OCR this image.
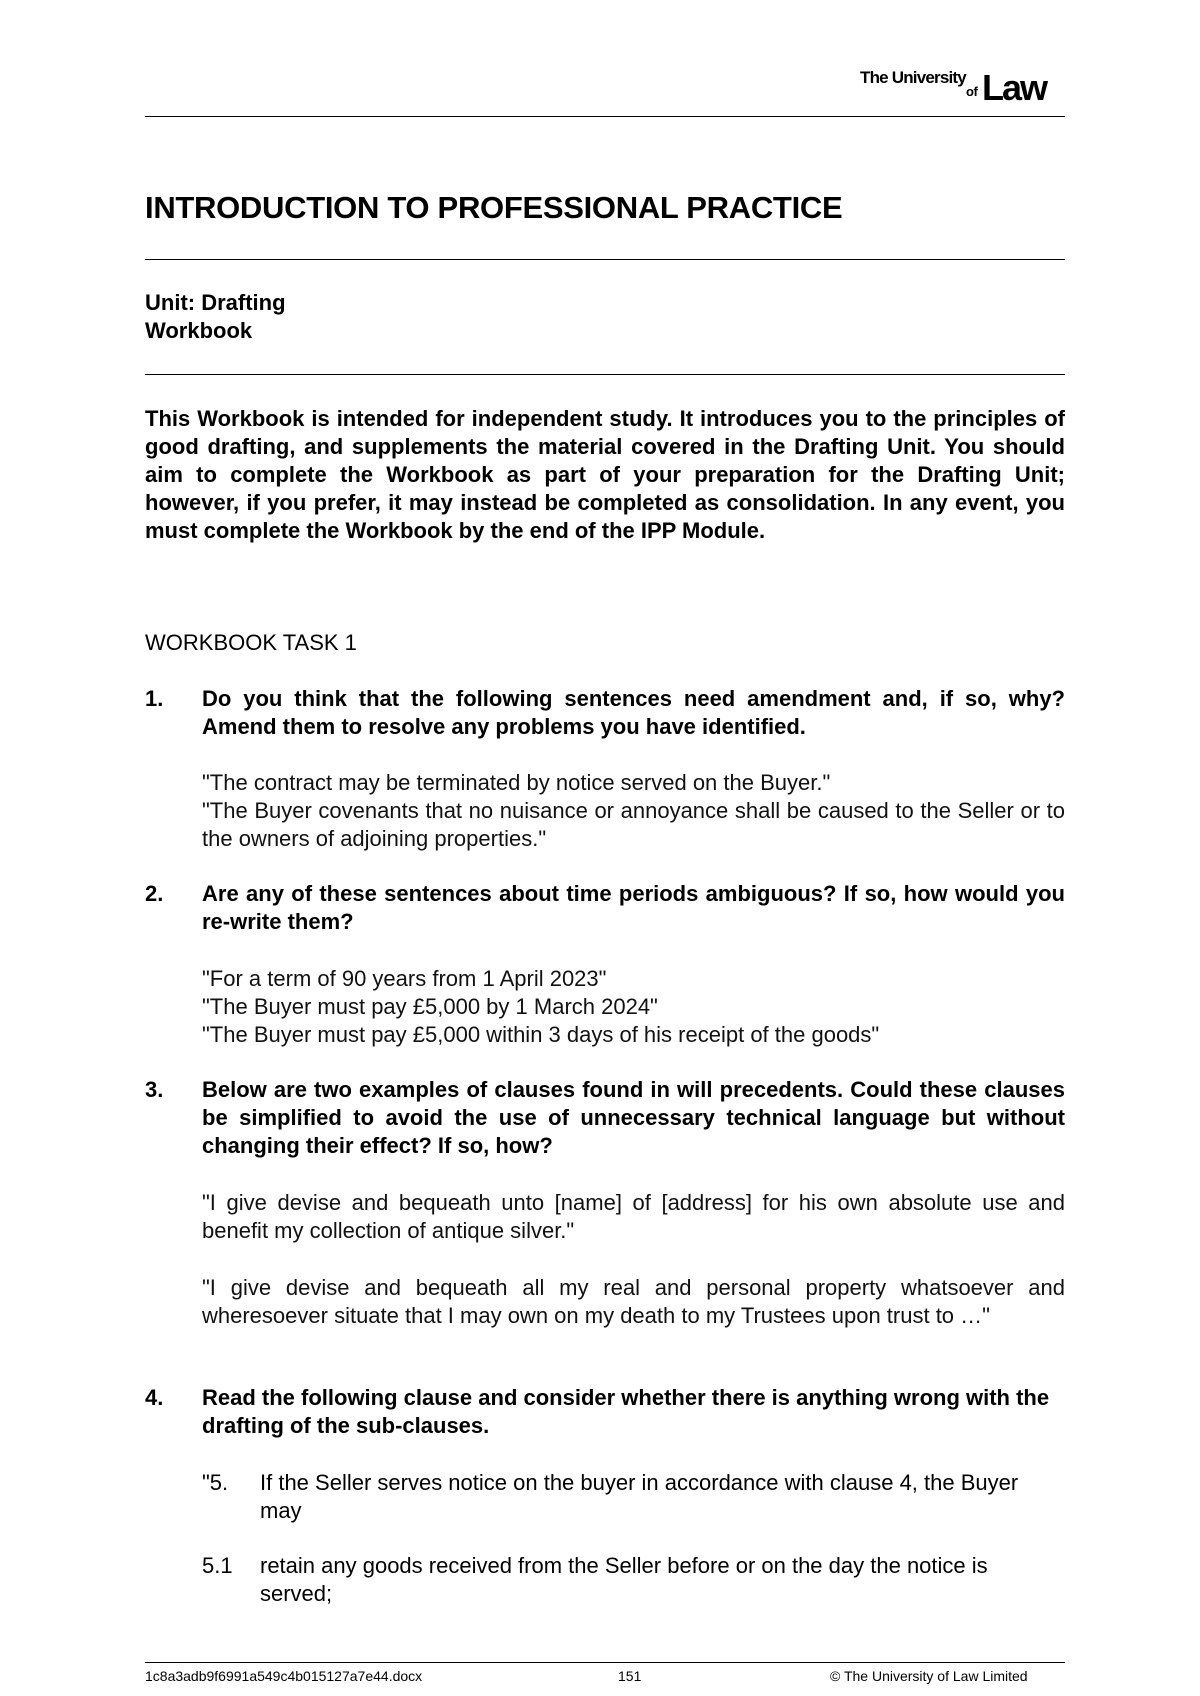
The University
of Law
INTRODUCTION TO PROFESSIONAL PRACTICE
Unit: Drafting
Workbook
This Workbook is intended for independent study. It introduces you to the principles of good drafting, and supplements the material covered in the Drafting Unit. You should aim to complete the Workbook as part of your preparation for the Drafting Unit; however, if you prefer, it may instead be completed as consolidation. In any event, you must complete the Workbook by the end of the IPP Module.
WORKBOOK TASK 1
1. Do you think that the following sentences need amendment and, if so, why? Amend them to resolve any problems you have identified.
"The contract may be terminated by notice served on the Buyer."
"The Buyer covenants that no nuisance or annoyance shall be caused to the Seller or to the owners of adjoining properties."
2. Are any of these sentences about time periods ambiguous? If so, how would you re-write them?
"For a term of 90 years from 1 April 2023"
"The Buyer must pay £5,000 by 1 March 2024"
"The Buyer must pay £5,000 within 3 days of his receipt of the goods"
3. Below are two examples of clauses found in will precedents. Could these clauses be simplified to avoid the use of unnecessary technical language but without changing their effect? If so, how?
"I give devise and bequeath unto [name] of [address] for his own absolute use and benefit my collection of antique silver."
"I give devise and bequeath all my real and personal property whatsoever and wheresoever situate that I may own on my death to my Trustees upon trust to …"
4. Read the following clause and consider whether there is anything wrong with the drafting of the sub-clauses.
"5. If the Seller serves notice on the buyer in accordance with clause 4, the Buyer may
5.1 retain any goods received from the Seller before or on the day the notice is served;
1c8a3adb9f6991a549c4b015127a7e44.docx	151	© The University of Law Limited
